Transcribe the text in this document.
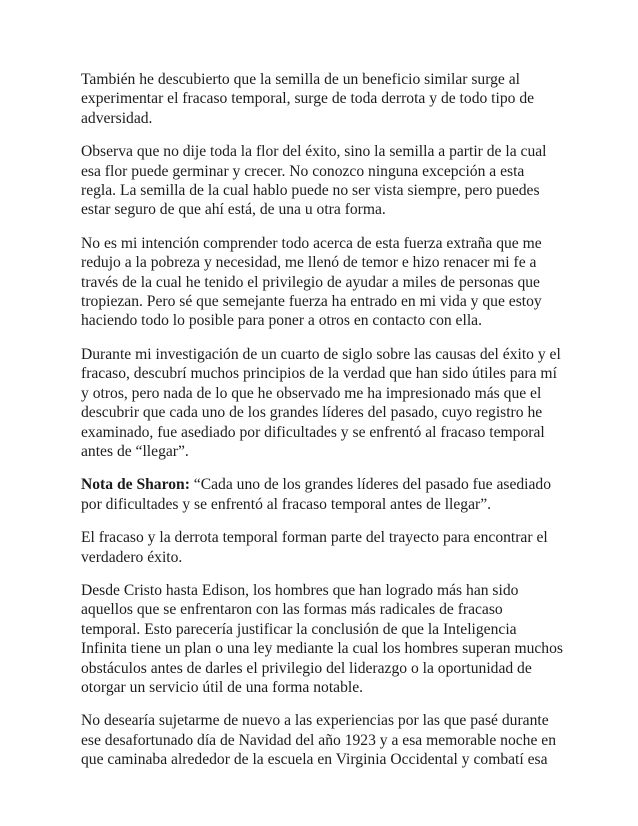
También he descubierto que la semilla de un beneficio similar surge al experimentar el fracaso temporal, surge de toda derrota y de todo tipo de adversidad.

Observa que no dije toda la flor del éxito, sino la semilla a partir de la cual esa flor puede germinar y crecer. No conozco ninguna excepción a esta regla. La semilla de la cual hablo puede no ser vista siempre, pero puedes estar seguro de que ahí está, de una u otra forma.

No es mi intención comprender todo acerca de esta fuerza extraña que me redujo a la pobreza y necesidad, me llenó de temor e hizo renacer mi fe a través de la cual he tenido el privilegio de ayudar a miles de personas que tropiezan. Pero sé que semejante fuerza ha entrado en mi vida y que estoy haciendo todo lo posible para poner a otros en contacto con ella.

Durante mi investigación de un cuarto de siglo sobre las causas del éxito y el fracaso, descubrí muchos principios de la verdad que han sido útiles para mí y otros, pero nada de lo que he observado me ha impresionado más que el descubrir que cada uno de los grandes líderes del pasado, cuyo registro he examinado, fue asediado por dificultades y se enfrentó al fracaso temporal antes de “llegar”.

Nota de Sharon: “Cada uno de los grandes líderes del pasado fue asediado por dificultades y se enfrentó al fracaso temporal antes de llegar”.

El fracaso y la derrota temporal forman parte del trayecto para encontrar el verdadero éxito.

Desde Cristo hasta Edison, los hombres que han logrado más han sido aquellos que se enfrentaron con las formas más radicales de fracaso temporal. Esto parecería justificar la conclusión de que la Inteligencia Infinita tiene un plan o una ley mediante la cual los hombres superan muchos obstáculos antes de darles el privilegio del liderazgo o la oportunidad de otorgar un servicio útil de una forma notable.

No desearía sujetarme de nuevo a las experiencias por las que pasé durante ese desafortunado día de Navidad del año 1923 y a esa memorable noche en que caminaba alrededor de la escuela en Virginia Occidental y combatí esa
